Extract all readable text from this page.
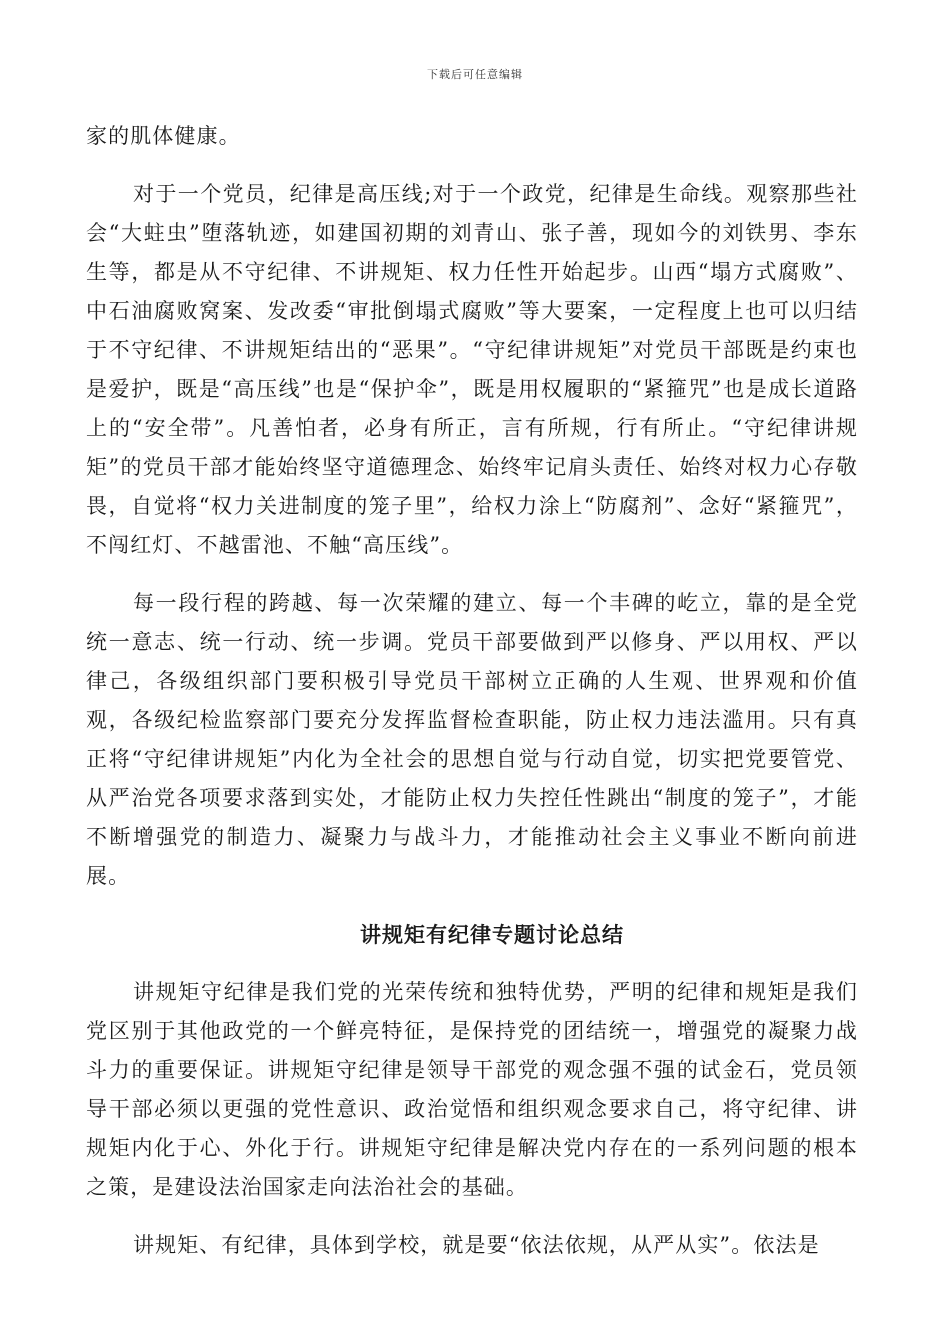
下载后可任意编辑

家的肌体健康。

对于一个党员，纪律是高压线;对于一个政党，纪律是生命线。观察那些社会“大蛀虫”堕落轨迹，如建国初期的刘青山、张子善，现如今的刘铁男、李东生等，都是从不守纪律、不讲规矩、权力任性开始起步。山西“塌方式腐败”、中石油腐败窝案、发改委“审批倒塌式腐败”等大要案，一定程度上也可以归结于不守纪律、不讲规矩结出的“恶果”。“守纪律讲规矩”对党员干部既是约束也是爱护，既是“高压线”也是“保护伞”，既是用权履职的“紧箍咒”也是成长道路上的“安全带”。凡善怕者，必身有所正，言有所规，行有所止。“守纪律讲规矩”的党员干部才能始终坚守道德理念、始终牢记肩头责任、始终对权力心存敬畏，自觉将“权力关进制度的笼子里”，给权力涂上“防腐剂”、念好“紧箍咒”，不闯红灯、不越雷池、不触“高压线”。

每一段行程的跨越、每一次荣耀的建立、每一个丰碑的屹立，靠的是全党统一意志、统一行动、统一步调。党员干部要做到严以修身、严以用权、严以律己，各级组织部门要积极引导党员干部树立正确的人生观、世界观和价值观，各级纪检监察部门要充分发挥监督检查职能，防止权力违法滥用。只有真正将“守纪律讲规矩”内化为全社会的思想自觉与行动自觉，切实把党要管党、从严治党各项要求落到实处，才能防止权力失控任性跳出“制度的笼子”，才能不断增强党的制造力、凝聚力与战斗力，才能推动社会主义事业不断向前进展。

讲规矩有纪律专题讨论总结

讲规矩守纪律是我们党的光荣传统和独特优势，严明的纪律和规矩是我们党区别于其他政党的一个鲜亮特征，是保持党的团结统一，增强党的凝聚力战斗力的重要保证。讲规矩守纪律是领导干部党的观念强不强的试金石，党员领导干部必须以更强的党性意识、政治觉悟和组织观念要求自己，将守纪律、讲规矩内化于心、外化于行。讲规矩守纪律是解决党内存在的一系列问题的根本之策，是建设法治国家走向法治社会的基础。

讲规矩、有纪律，具体到学校，就是要“依法依规，从严从实”。依法是
